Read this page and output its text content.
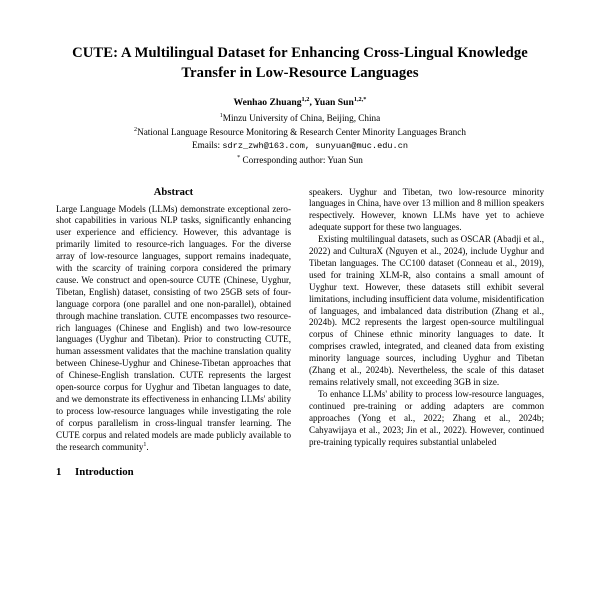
CUTE: A Multilingual Dataset for Enhancing Cross-Lingual Knowledge Transfer in Low-Resource Languages
Wenhao Zhuang$^{1,2}$, Yuan Sun$^{1,2,*}$
$^1$Minzu University of China, Beijing, China
$^2$National Language Resource Monitoring & Research Center Minority Languages Branch
Emails: sdrz_zwh@163.com, sunyuan@muc.edu.cn
* Corresponding author: Yuan Sun
Abstract

Large Language Models (LLMs) demonstrate exceptional zero-shot capabilities in various NLP tasks, significantly enhancing user experience and efficiency. However, this advantage is primarily limited to resource-rich languages. For the diverse array of low-resource languages, support remains inadequate, with the scarcity of training corpora considered the primary cause. We construct and open-source CUTE (Chinese, Uyghur, Tibetan, English) dataset, consisting of two 25GB sets of four-language corpora (one parallel and one non-parallel), obtained through machine translation. CUTE encompasses two resource-rich languages (Chinese and English) and two low-resource languages (Uyghur and Tibetan). Prior to constructing CUTE, human assessment validates that the machine translation quality between Chinese-Uyghur and Chinese-Tibetan approaches that of Chinese-English translation. CUTE represents the largest open-source corpus for Uyghur and Tibetan languages to date, and we demonstrate its effectiveness in enhancing LLMs' ability to process low-resource languages while investigating the role of corpus parallelism in cross-lingual transfer learning. The CUTE corpus and related models are made publicly available to the research community$^1$.

1	Introduction

speakers. Uyghur and Tibetan, two low-resource minority languages in China, have over 13 million and 8 million speakers respectively. However, known LLMs have yet to achieve adequate support for these two languages.

Existing multilingual datasets, such as OSCAR (Abadji et al., 2022) and CulturaX (Nguyen et al., 2024), include Uyghur and Tibetan languages. The CC100 dataset (Conneau et al., 2019), used for training XLM-R, also contains a small amount of Uyghur text. However, these datasets still exhibit several limitations, including insufficient data volume, misidentification of languages, and imbalanced data distribution (Zhang et al., 2024b). MC2 represents the largest open-source multilingual corpus of Chinese ethnic minority languages to date. It comprises crawled, integrated, and cleaned data from existing minority language sources, including Uyghur and Tibetan (Zhang et al., 2024b). Nevertheless, the scale of this dataset remains relatively small, not exceeding 3GB in size.

To enhance LLMs' ability to process low-resource languages, continued pre-training or adding adapters are common approaches (Yong et al., 2022; Zhang et al., 2024b; Cahyawijaya et al., 2023; Jin et al., 2022). However, continued pre-training typically requires substantial unlabeled
